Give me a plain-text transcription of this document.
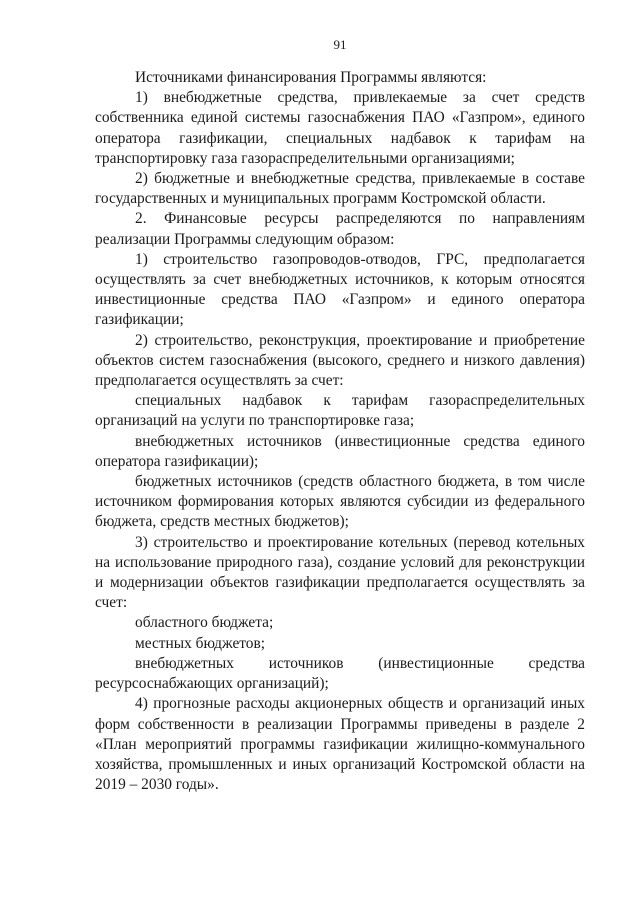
91

Источниками финансирования Программы являются:

1) внебюджетные средства, привлекаемые за счет средств собственника единой системы газоснабжения ПАО «Газпром», единого оператора газификации, специальных надбавок к тарифам на транспортировку газа газораспределительными организациями;

2) бюджетные и внебюджетные средства, привлекаемые в составе государственных и муниципальных программ Костромской области.

2. Финансовые ресурсы распределяются по направлениям реализации Программы следующим образом:

1) строительство газопроводов-отводов, ГРС, предполагается осуществлять за счет внебюджетных источников, к которым относятся инвестиционные средства ПАО «Газпром» и единого оператора газификации;

2) строительство, реконструкция, проектирование и приобретение объектов систем газоснабжения (высокого, среднего и низкого давления) предполагается осуществлять за счет:

специальных надбавок к тарифам газораспределительных организаций на услуги по транспортировке газа;

внебюджетных источников (инвестиционные средства единого оператора газификации);

бюджетных источников (средств областного бюджета, в том числе источником формирования которых являются субсидии из федерального бюджета, средств местных бюджетов);

3) строительство и проектирование котельных (перевод котельных на использование природного газа), создание условий для реконструкции и модернизации объектов газификации предполагается осуществлять за счет:

областного бюджета;

местных бюджетов;

внебюджетных источников (инвестиционные средства ресурсоснабжающих организаций);

4) прогнозные расходы акционерных обществ и организаций иных форм собственности в реализации Программы приведены в разделе 2 «План мероприятий программы газификации жилищно-коммунального хозяйства, промышленных и иных организаций Костромской области на 2019 – 2030 годы».
